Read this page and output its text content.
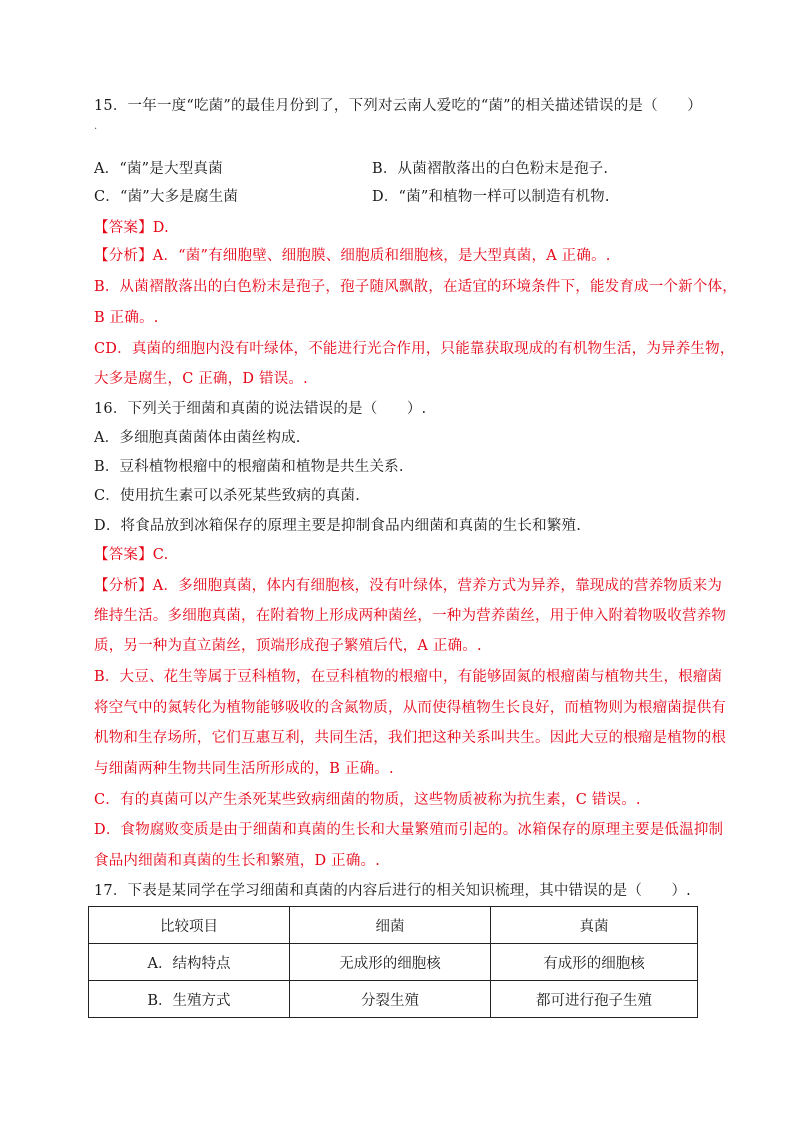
15．一年一度“吃菌”的最佳月份到了，下列对云南人爱吃的“菌”的相关描述错误的是（　　）
.
A．“菌”是大型真菌	B．从菌褶散落出的白色粉末是孢子.
C．“菌”大多是腐生菌	D．“菌”和植物一样可以制造有机物.
【答案】D.
【分析】A．“菌”有细胞壁、细胞膜、细胞质和细胞核，是大型真菌，A 正确。.
B．从菌褶散落出的白色粉末是孢子，孢子随风飘散，在适宜的环境条件下，能发育成一个新个体，
B 正确。.
CD．真菌的细胞内没有叶绿体，不能进行光合作用，只能靠获取现成的有机物生活，为异养生物，
大多是腐生，C 正确，D 错误。.
16．下列关于细菌和真菌的说法错误的是（　　）.
A．多细胞真菌菌体由菌丝构成.
B．豆科植物根瘤中的根瘤菌和植物是共生关系.
C．使用抗生素可以杀死某些致病的真菌.
D．将食品放到冰箱保存的原理主要是抑制食品内细菌和真菌的生长和繁殖.
【答案】C.
【分析】A．多细胞真菌，体内有细胞核，没有叶绿体，营养方式为异养，靠现成的营养物质来为
维持生活。多细胞真菌，在附着物上形成两种菌丝，一种为营养菌丝，用于伸入附着物吸收营养物
质，另一种为直立菌丝，顶端形成孢子繁殖后代，A 正确。.
B．大豆、花生等属于豆科植物，在豆科植物的根瘤中，有能够固氮的根瘤菌与植物共生，根瘤菌
将空气中的氮转化为植物能够吸收的含氮物质，从而使得植物生长良好，而植物则为根瘤菌提供有
机物和生存场所，它们互惠互利，共同生活，我们把这种关系叫共生。因此大豆的根瘤是植物的根
与细菌两种生物共同生活所形成的，B 正确。.
C．有的真菌可以产生杀死某些致病细菌的物质，这些物质被称为抗生素，C 错误。.
D．食物腐败变质是由于细菌和真菌的生长和大量繁殖而引起的。冰箱保存的原理主要是低温抑制
食品内细菌和真菌的生长和繁殖，D 正确。.
17．下表是某同学在学习细菌和真菌的内容后进行的相关知识梳理，其中错误的是（　　）.
比较项目	细菌	真菌
A．结构特点	无成形的细胞核	有成形的细胞核
B．生殖方式	分裂生殖	都可进行孢子生殖
